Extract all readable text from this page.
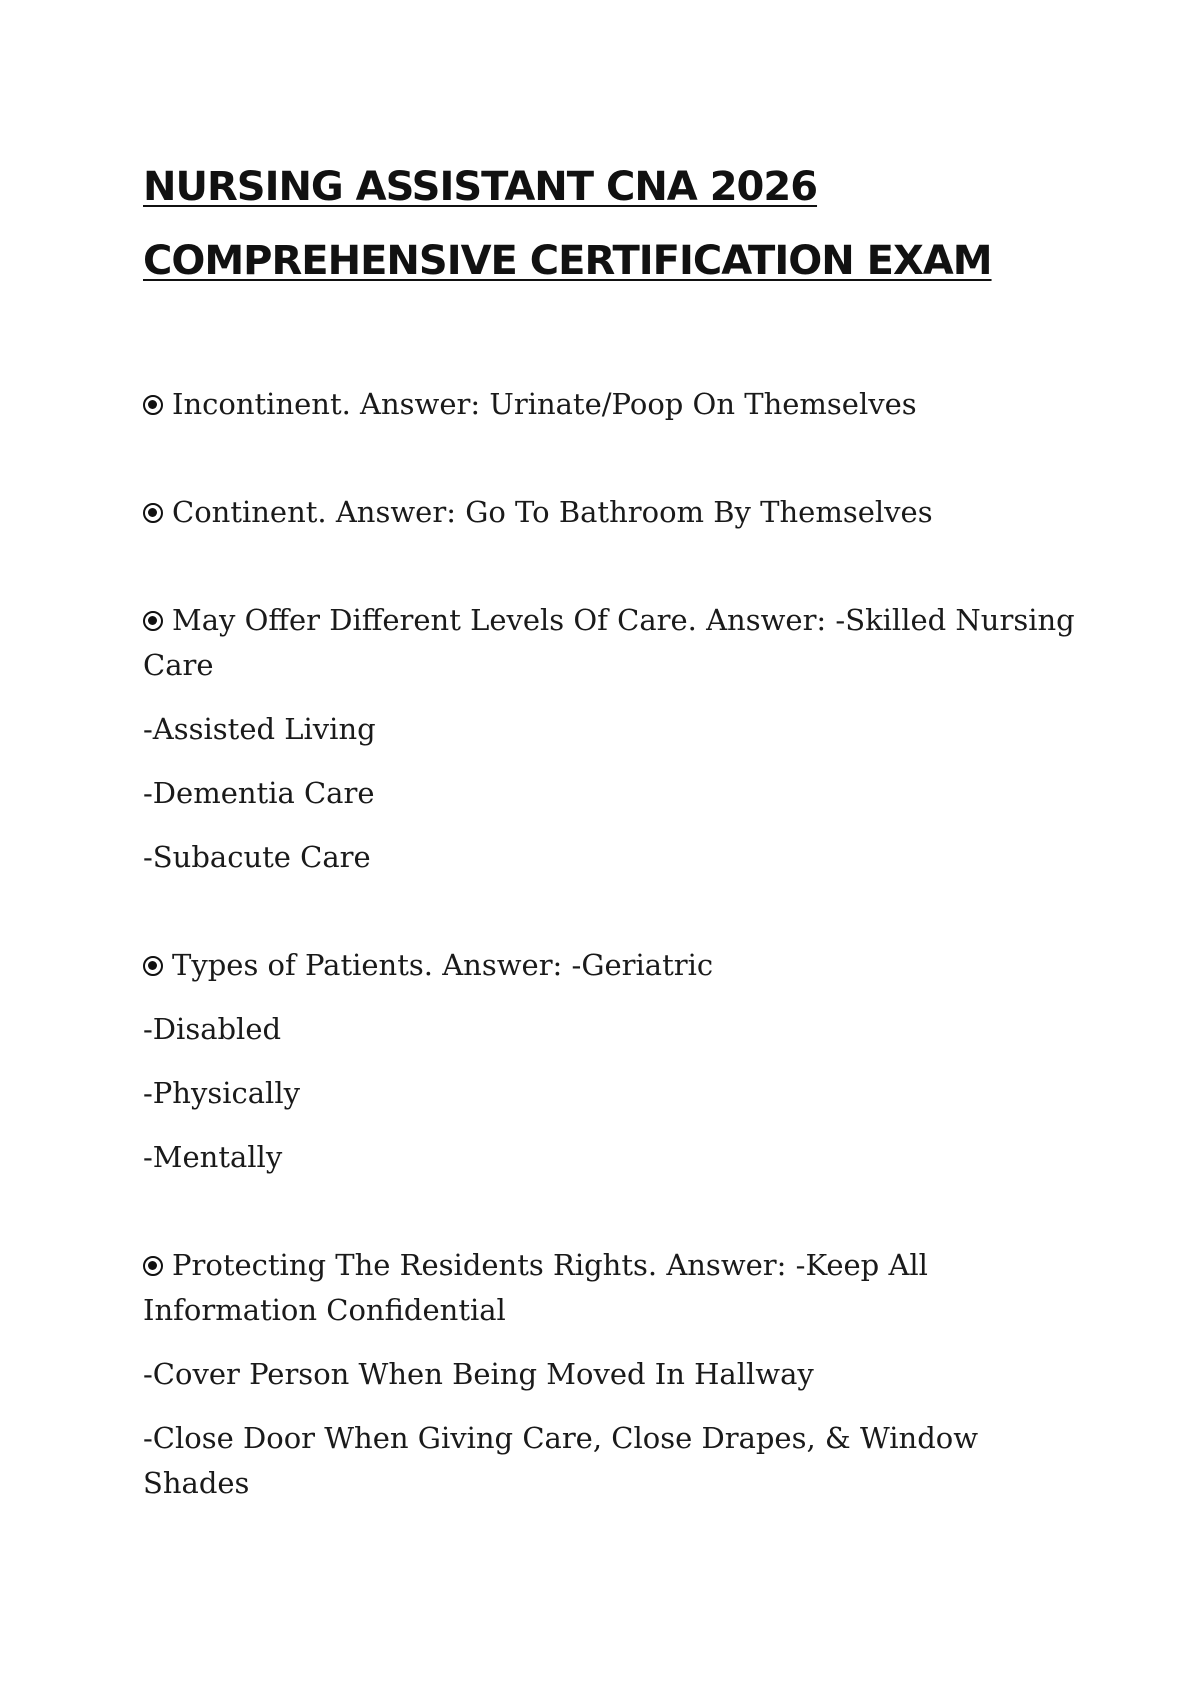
NURSING ASSISTANT CNA 2026
COMPREHENSIVE CERTIFICATION EXAM

Incontinent. Answer: Urinate/Poop On Themselves

Continent. Answer: Go To Bathroom By Themselves

May Offer Different Levels Of Care. Answer: -Skilled Nursing Care

-Assisted Living

-Dementia Care

-Subacute Care

Types of Patients. Answer: -Geriatric

-Disabled

-Physically

-Mentally

Protecting The Residents Rights. Answer: -Keep All Information Confidential

-Cover Person When Being Moved In Hallway

-Close Door When Giving Care, Close Drapes, & Window Shades
